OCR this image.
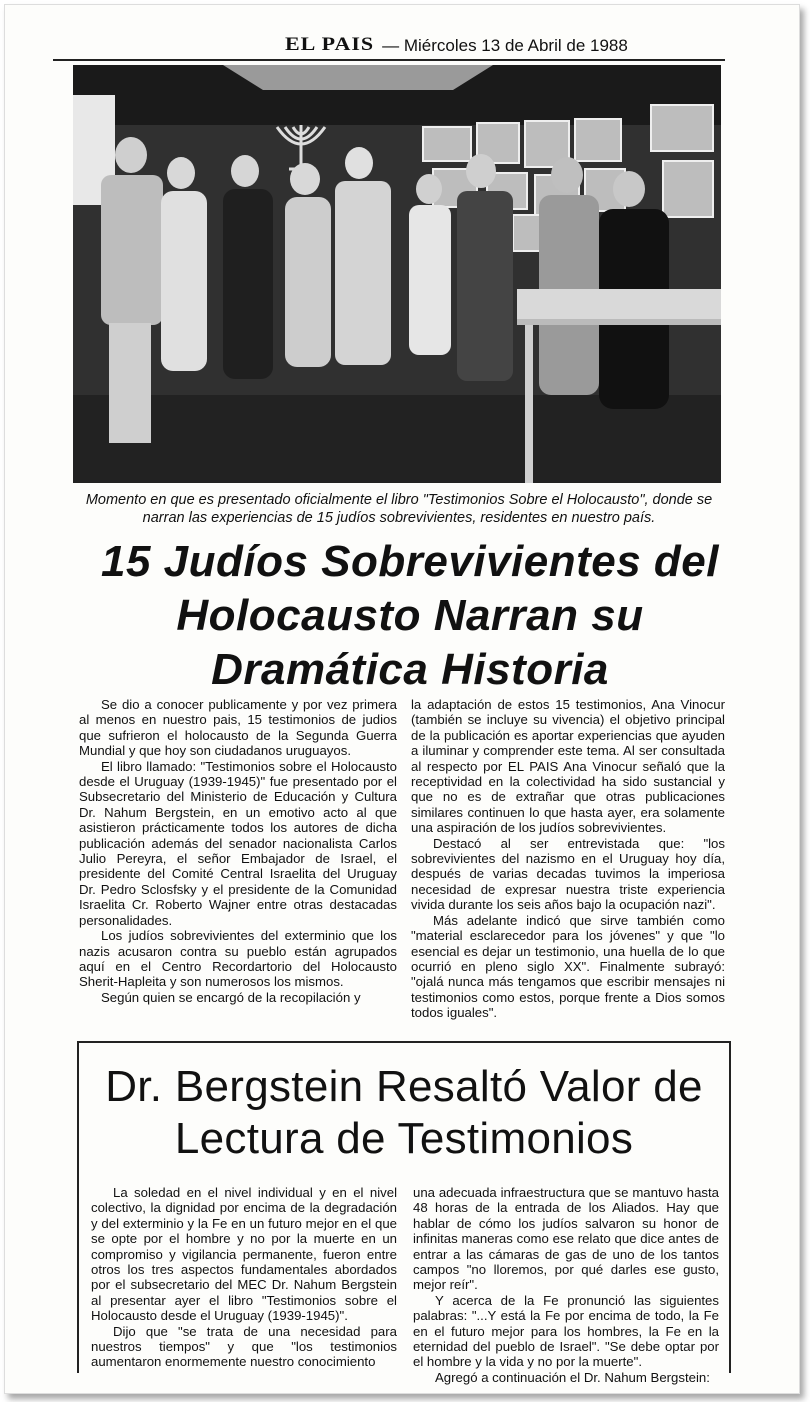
EL PAIS — Miércoles 13 de Abril de 1988
Momento en que es presentado oficialmente el libro "Testimonios Sobre el Holocausto", donde se narran las experiencias de 15 judíos sobrevivientes, residentes en nuestro país.
15 Judíos Sobrevivientes del Holocausto Narran su Dramática Historia

Se dio a conocer publicamente y por vez primera al menos en nuestro pais, 15 testimonios de judios que sufrieron el holocausto de la Segunda Guerra Mundial y que hoy son ciudadanos uruguayos.

El libro llamado: "Testimonios sobre el Holocausto desde el Uruguay (1939-1945)" fue presentado por el Subsecretario del Ministerio de Educación y Cultura Dr. Nahum Bergstein, en un emotivo acto al que asistieron prácticamente todos los autores de dicha publicación además del senador nacionalista Carlos Julio Pereyra, el señor Embajador de Israel, el presidente del Comité Central Israelita del Uruguay Dr. Pedro Sclosfsky y el presidente de la Comunidad Israelita Cr. Roberto Wajner entre otras destacadas personalidades.

Los judíos sobrevivientes del exterminio que los nazis acusaron contra su pueblo están agrupados aquí en el Centro Recordartorio del Holocausto Sherit-Hapleita y son numerosos los mismos.

Según quien se encargó de la recopilación y

la adaptación de estos 15 testimonios, Ana Vinocur (también se incluye su vivencia) el objetivo principal de la publicación es aportar experiencias que ayuden a iluminar y comprender este tema. Al ser consultada al respecto por EL PAIS Ana Vinocur señaló que la receptividad en la colectividad ha sido sustancial y que no es de extrañar que otras publicaciones similares continuen lo que hasta ayer, era solamente una aspiración de los judíos sobrevivientes.

Destacó al ser entrevistada que: "los sobrevivientes del nazismo en el Uruguay hoy día, después de varias decadas tuvimos la imperiosa necesidad de expresar nuestra triste experiencia vivida durante los seis años bajo la ocupación nazi".

Más adelante indicó que sirve también como "material esclarecedor para los jóvenes" y que "lo esencial es dejar un testimonio, una huella de lo que ocurrió en pleno siglo XX". Finalmente subrayó: "ojalá nunca más tengamos que escribir mensajes ni testimonios como estos, porque frente a Dios somos todos iguales".

Dr. Bergstein Resaltó Valor de Lectura de Testimonios

La soledad en el nivel individual y en el nivel colectivo, la dignidad por encima de la degradación y del exterminio y la Fe en un futuro mejor en el que se opte por el hombre y no por la muerte en un compromiso y vigilancia permanente, fueron entre otros los tres aspectos fundamentales abordados por el subsecretario del MEC Dr. Nahum Bergstein al presentar ayer el libro "Testimonios sobre el Holocausto desde el Uruguay (1939-1945)".

Dijo que "se trata de una necesidad para nuestros tiempos" y que "los testimonios aumentaron enormemente nuestro conocimiento

una adecuada infraestructura que se mantuvo hasta 48 horas de la entrada de los Aliados. Hay que hablar de cómo los judíos salvaron su honor de infinitas maneras como ese relato que dice antes de entrar a las cámaras de gas de uno de los tantos campos "no lloremos, por qué darles ese gusto, mejor reír".

Y acerca de la Fe pronunció las siguientes palabras: "...Y está la Fe por encima de todo, la Fe en el futuro mejor para los hombres, la Fe en la eternidad del pueblo de Israel". "Se debe optar por el hombre y la vida y no por la muerte".

Agregó a continuación el Dr. Nahum Bergstein:
